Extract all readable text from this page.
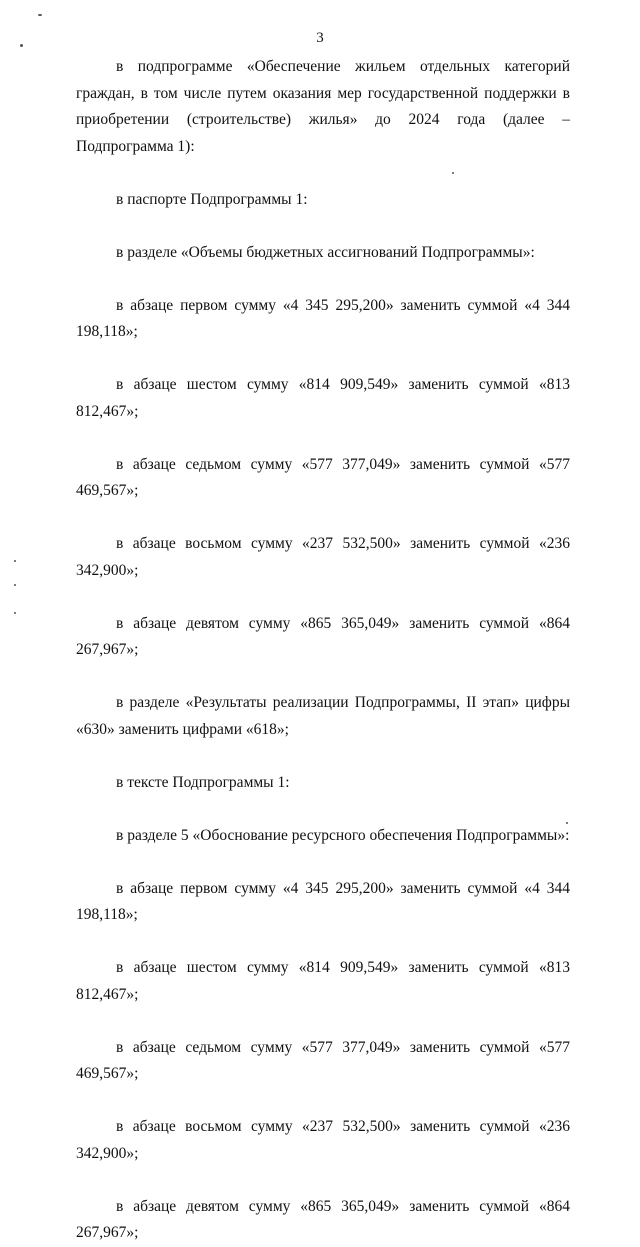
3

в подпрограмме «Обеспечение жильем отдельных категорий граждан, в том числе путем оказания мер государственной поддержки в приобретении (строительстве) жилья» до 2024 года (далее – Подпрограмма 1):

в паспорте Подпрограммы 1:

в разделе «Объемы бюджетных ассигнований Подпрограммы»:

в абзаце первом сумму «4 345 295,200» заменить суммой «4 344 198,118»;

в абзаце шестом сумму «814 909,549» заменить суммой «813 812,467»;

в абзаце седьмом сумму «577 377,049» заменить суммой «577 469,567»;

в абзаце восьмом сумму «237 532,500» заменить суммой «236 342,900»;

в абзаце девятом сумму «865 365,049» заменить суммой «864 267,967»;

в разделе «Результаты реализации Подпрограммы, II этап» цифры «630» заменить цифрами «618»;

в тексте Подпрограммы 1:

в разделе 5 «Обоснование ресурсного обеспечения Подпрограммы»:

в абзаце первом сумму «4 345 295,200» заменить суммой «4 344 198,118»;

в абзаце шестом сумму «814 909,549» заменить суммой «813 812,467»;

в абзаце седьмом сумму «577 377,049» заменить суммой «577 469,567»;

в абзаце восьмом сумму «237 532,500» заменить суммой «236 342,900»;

в абзаце девятом сумму «865 365,049» заменить суммой «864 267,967»;
